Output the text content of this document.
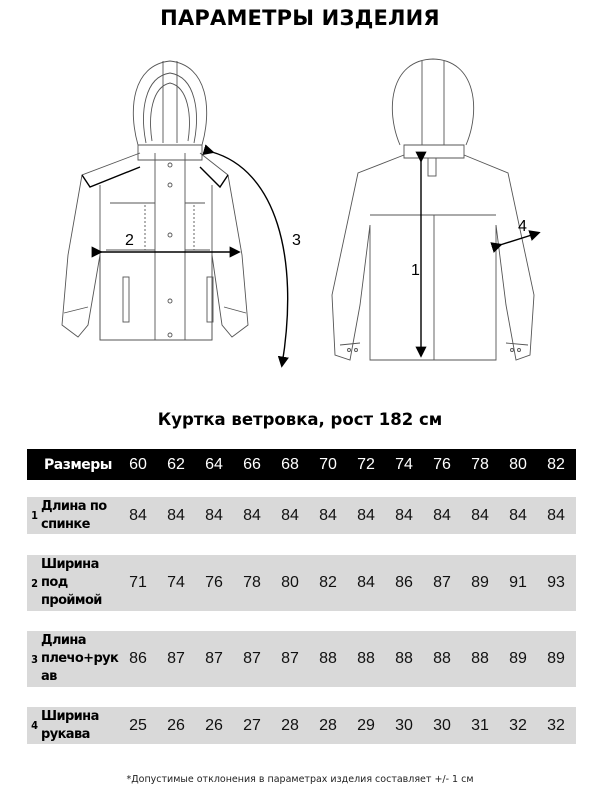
ПАРАМЕТРЫ ИЗДЕЛИЯ
2	3
1
4
Куртка ветровка, рост 182 см
Размеры	60	62	64	66	68	70	72	74	76	78	80	82
1
Длина по
спинке
84	84	84	84	84	84	84	84	84	84	84	84
2
Ширина
под
проймой
71	74	76	78	80	82	84	86	87	89	91	93
3
Длина
плечо+рук
ав
86	87	87	87	87	88	88	88	88	88	89	89
4
Ширина
рукава
25	26	26	27	28	28	29	30	30	31	32	32
*Допустимые отклонения в параметрах изделия составляет +/- 1 см
